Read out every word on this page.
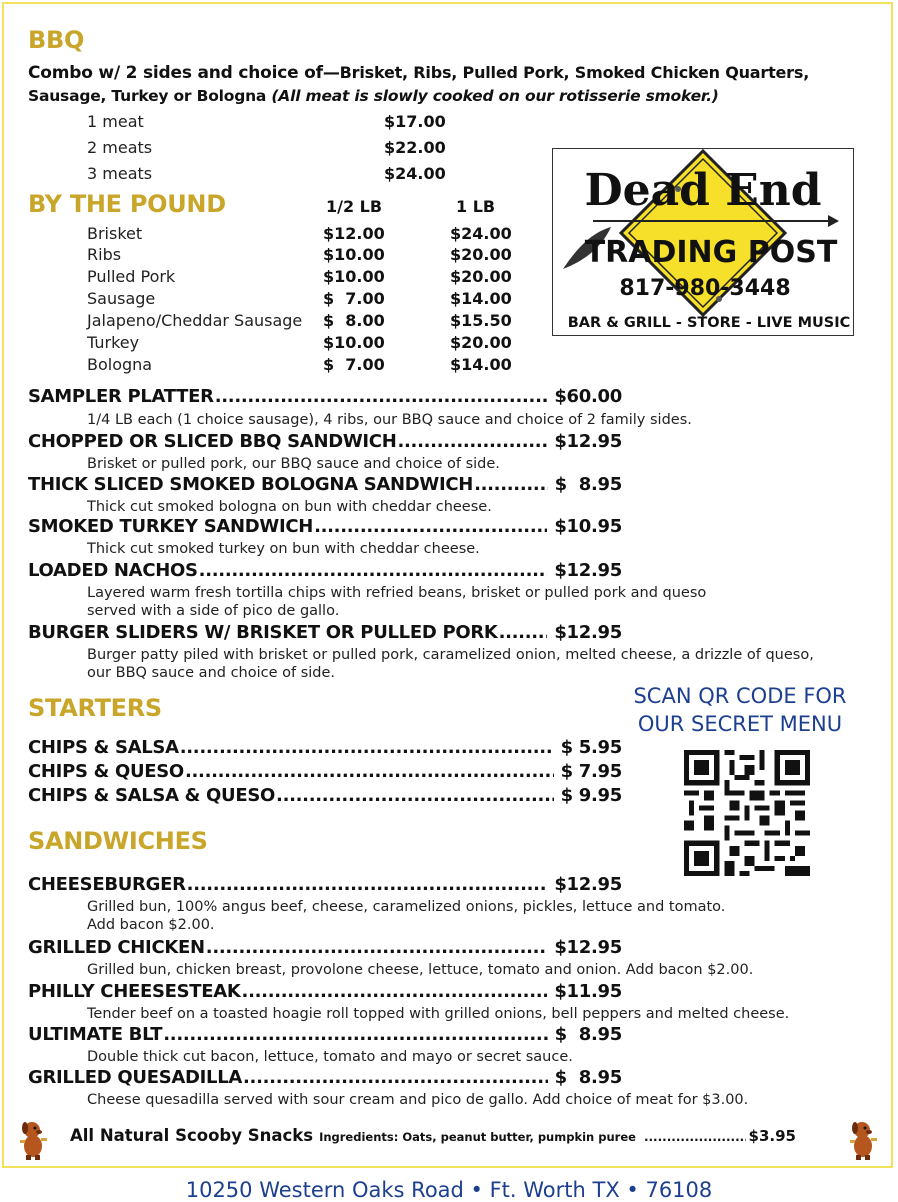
BBQ
Combo w/ 2 sides and choice of—Brisket, Ribs, Pulled Pork, Smoked Chicken Quarters,
Sausage, Turkey or Bologna (All meat is slowly cooked on our rotisserie smoker.)
1 meat	$17.00
2 meats	$22.00
3 meats	$24.00
BY THE POUND	1/2 LB	1 LB
Brisket	$12.00	$24.00
Ribs	$10.00	$20.00
Pulled Pork	$10.00	$20.00
Sausage	$  7.00	$14.00
Jalapeno/Cheddar Sausage $  8.00	$15.50
Turkey	$10.00	$20.00
Bologna	$  7.00	$14.00
Dead End
TRADING POST
817-980-3448
BAR & GRILL - STORE - LIVE MUSIC
SAMPLER PLATTER .....	$60.00
1/4 LB each (1 choice sausage), 4 ribs, our BBQ sauce and choice of 2 family sides.
CHOPPED OR SLICED BBQ SANDWICH .....	$12.95
Brisket or pulled pork, our BBQ sauce and choice of side.
THICK SLICED SMOKED BOLOGNA SANDWICH .....	$  8.95
Thick cut smoked bologna on bun with cheddar cheese.
SMOKED TURKEY SANDWICH .....	$10.95
Thick cut smoked turkey on bun with cheddar cheese.
LOADED NACHOS .....	$12.95
Layered warm fresh tortilla chips with refried beans, brisket or pulled pork and queso
served with a side of pico de gallo.
BURGER SLIDERS W/ BRISKET OR PULLED PORK .....	$12.95
Burger patty piled with brisket or pulled pork, caramelized onion, melted cheese, a drizzle of queso,
our BBQ sauce and choice of side.
SCAN QR CODE FOR
OUR SECRET MENU
STARTERS
CHIPS & SALSA .....	$ 5.95
CHIPS & QUESO .....	$ 7.95
CHIPS & SALSA & QUESO .....	$ 9.95
SANDWICHES
CHEESEBURGER .....	$12.95
Grilled bun, 100% angus beef, cheese, caramelized onions, pickles, lettuce and tomato.
Add bacon $2.00.
GRILLED CHICKEN .....	$12.95
Grilled bun, chicken breast, provolone cheese, lettuce, tomato and onion. Add bacon $2.00.
PHILLY CHEESESTEAK .....	$11.95
Tender beef on a toasted hoagie roll topped with grilled onions, bell peppers and melted cheese.
ULTIMATE BLT .....	$  8.95
Double thick cut bacon, lettuce, tomato and mayo or secret sauce.
GRILLED QUESADILLA .....	$  8.95
Cheese quesadilla served with sour cream and pico de gallo. Add choice of meat for $3.00.
All Natural Scooby Snacks Ingredients: Oats, peanut butter, pumpkin puree .....	$3.95
10250 Western Oaks Road • Ft. Worth TX • 76108
